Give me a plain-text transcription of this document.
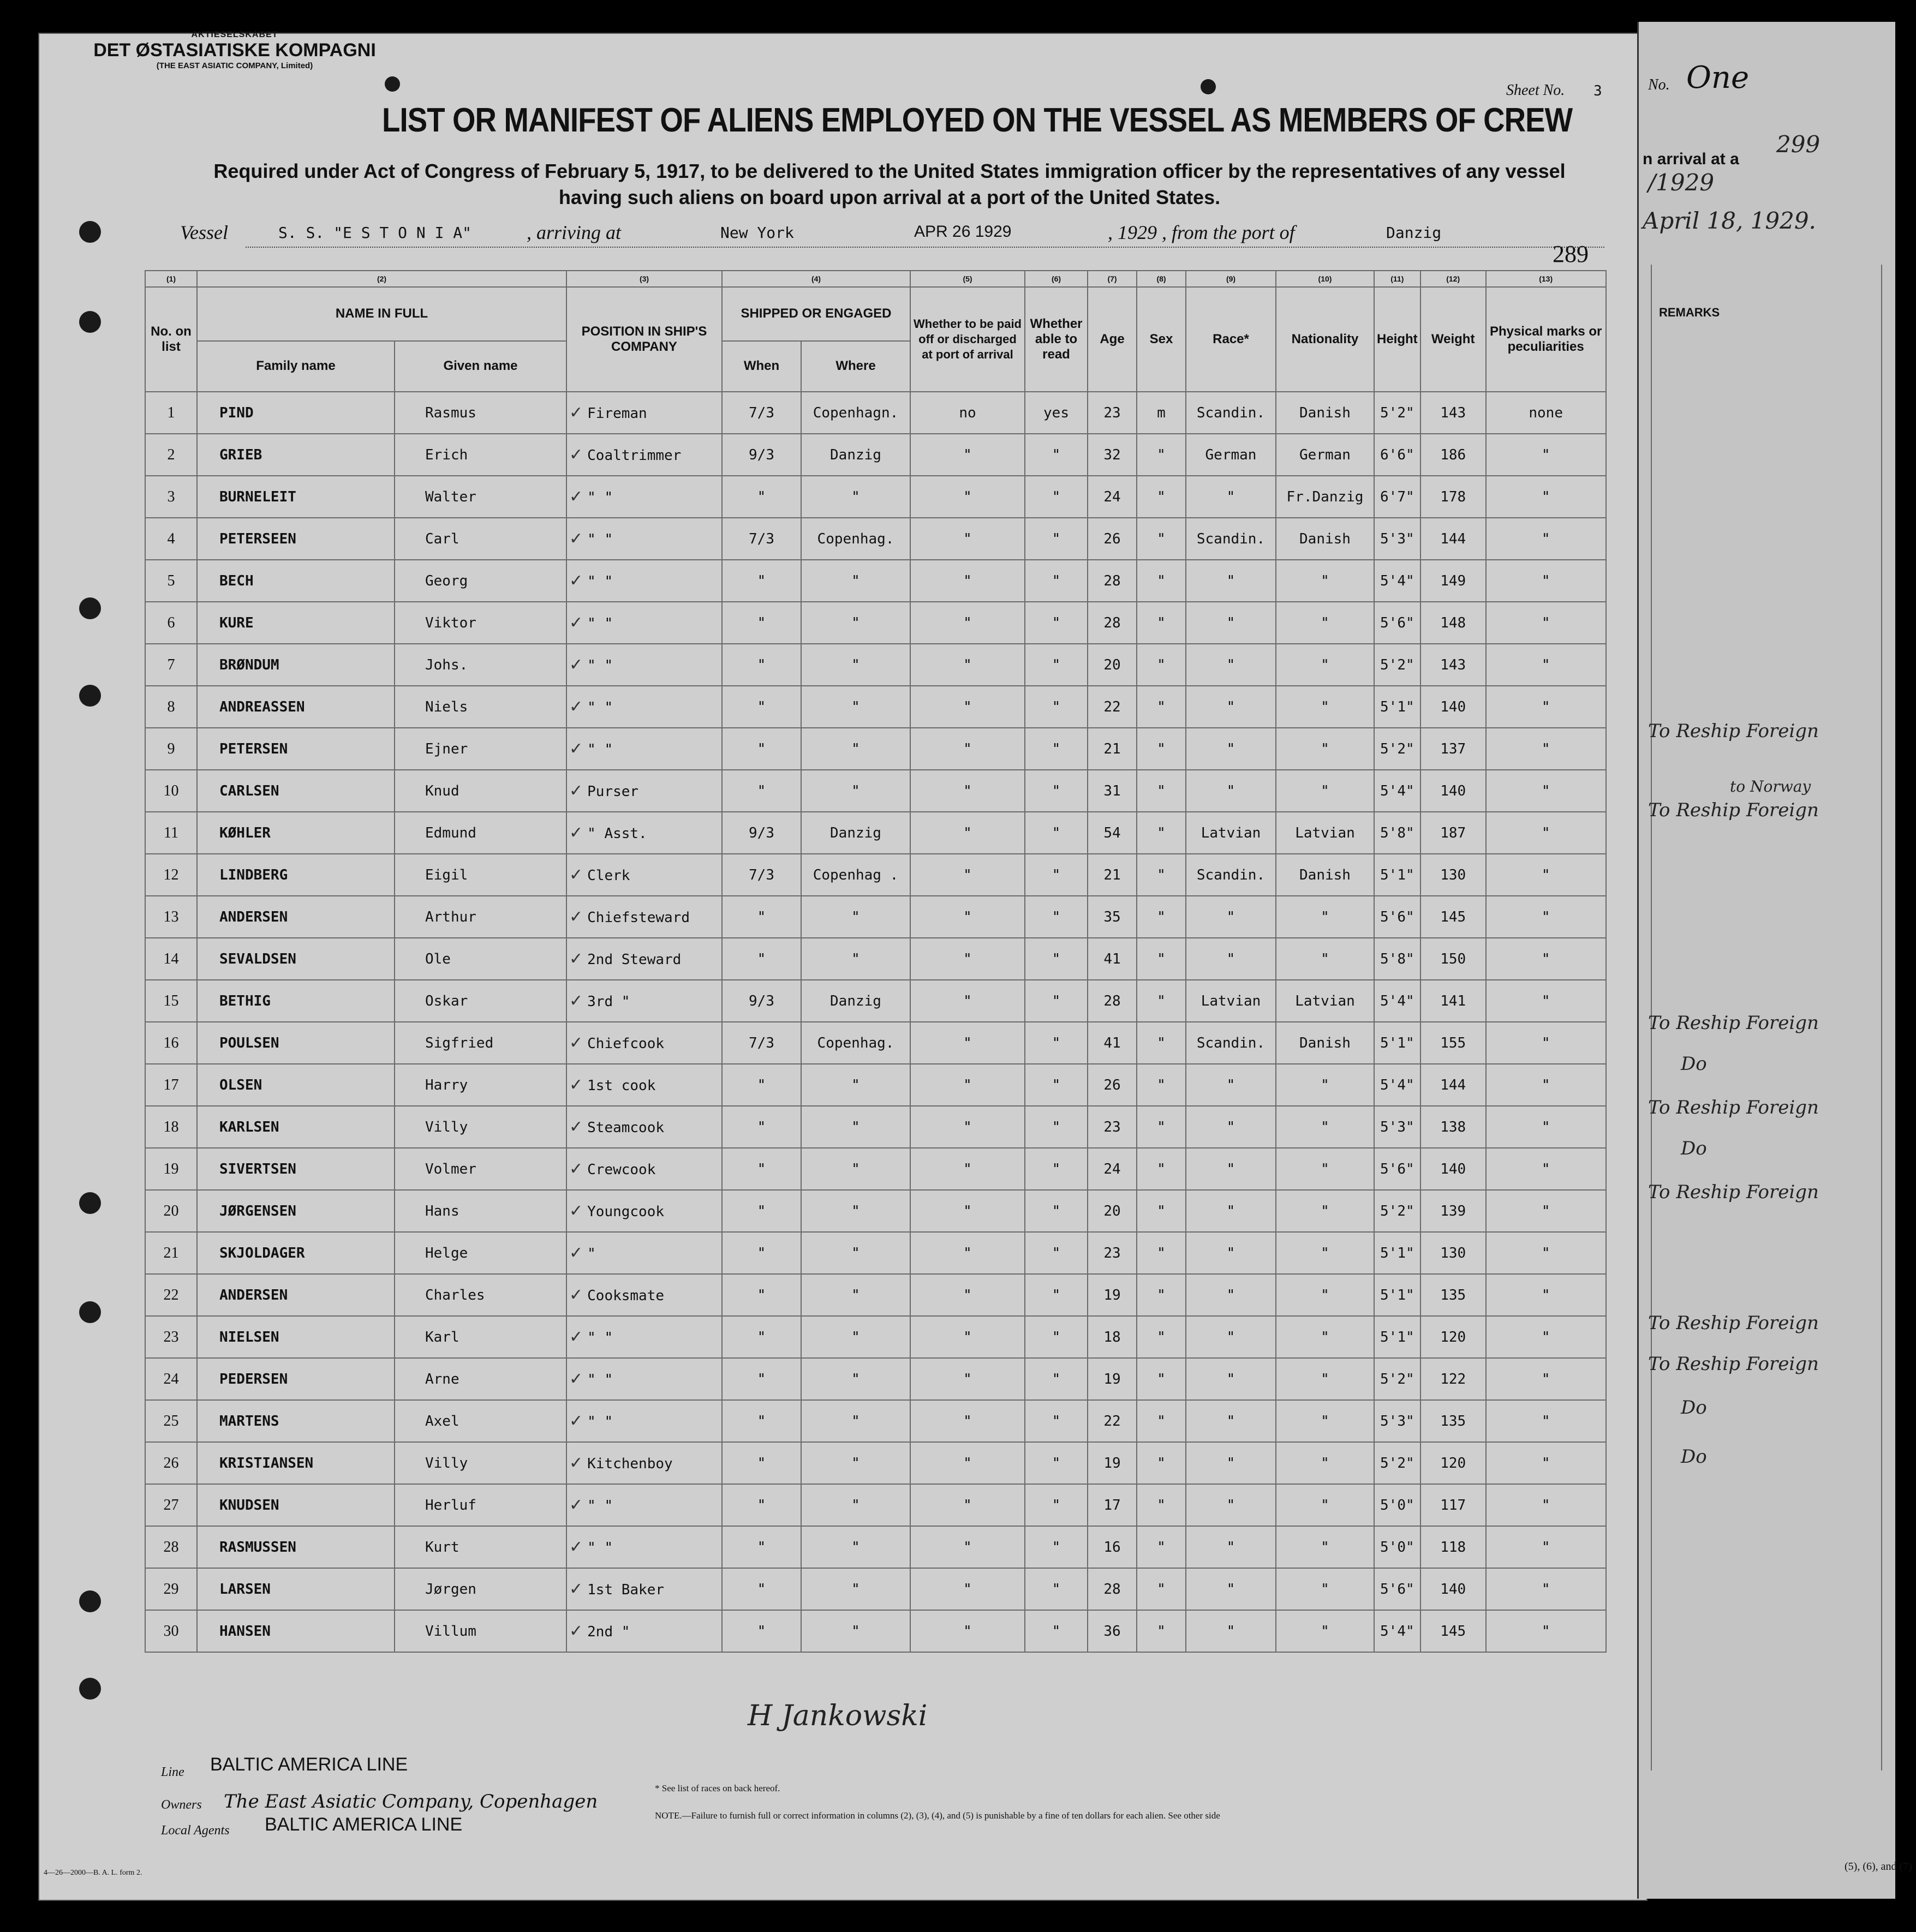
AKTIESELSKABET
DET ØSTASIATISKE KOMPAGNI
(THE EAST ASIATIC COMPANY, Limited)
Sheet No. 3	No. One
LIST OR MANIFEST OF ALIENS EMPLOYED ON THE VESSEL AS MEMBERS OF CREW
Required under Act of Congress of February 5, 1917, to be delivered to the United States immigration officer by the representatives of any vessel having such aliens on board upon arrival at a port of the United States.
Vessel	S. S. "E S T O N I A"	, arriving at	New York	APR 26 1929	, 1929 , from the port of	Danzig
289
n arrival at a
299
/1929
April 18, 1929.
REMARKS
(1)	(2)		(3)	(4)		(5)	(6)	(7)	(8)	(9)	(10)	(11)	(12)	(13)
No. on list	NAME IN FULL		POSITION IN SHIP'S COMPANY	SHIPPED OR ENGAGED		Whether to be paid off or discharged at port of arrival	Whether able to read	Age	Sex	Race*	Nationality	Height	Weight	Physical marks or peculiarities
	Family name	Given name		When	Where									
1	PIND	Rasmus	✓ Fireman	7/3	Copenhagn.	no	yes	23	m	Scandin.	Danish	5'2"	143	none
2	GRIEB	Erich	✓ Coaltrimmer	9/3	Danzig	"	"	32	"	German	German	6'6"	186	"
3	BURNELEIT	Walter	✓ " "	"	"	"	"	24	"	"	Fr.Danzig	6'7"	178	"
4	PETERSEEN	Carl	✓ " "	7/3	Copenhag.	"	"	26	"	Scandin.	Danish	5'3"	144	"
5	BECH	Georg	✓ " "	"	"	"	"	28	"	"	"	5'4"	149	"
6	KURE	Viktor	✓ " "	"	"	"	"	28	"	"	"	5'6"	148	"
7	BRØNDUM	Johs.	✓ " "	"	"	"	"	20	"	"	"	5'2"	143	"
8	ANDREASSEN	Niels	✓ " "	"	"	"	"	22	"	"	"	5'1"	140	"
9	PETERSEN	Ejner	✓ " "	"	"	"	"	21	"	"	"	5'2"	137	"
10	CARLSEN	Knud	✓ Purser	"	"	"	"	31	"	"	"	5'4"	140	"
11	KØHLER	Edmund	✓ " Asst.	9/3	Danzig	"	"	54	"	Latvian	Latvian	5'8"	187	"
12	LINDBERG	Eigil	✓ Clerk	7/3	Copenhag .	"	"	21	"	Scandin.	Danish	5'1"	130	"
13	ANDERSEN	Arthur	✓ Chiefsteward	"	"	"	"	35	"	"	"	5'6"	145	"
14	SEVALDSEN	Ole	✓ 2nd Steward	"	"	"	"	41	"	"	"	5'8"	150	"
15	BETHIG	Oskar	✓ 3rd "	9/3	Danzig	"	"	28	"	Latvian	Latvian	5'4"	141	"
16	POULSEN	Sigfried	✓ Chiefcook	7/3	Copenhag.	"	"	41	"	Scandin.	Danish	5'1"	155	"
17	OLSEN	Harry	✓ 1st cook	"	"	"	"	26	"	"	"	5'4"	144	"
18	KARLSEN	Villy	✓ Steamcook	"	"	"	"	23	"	"	"	5'3"	138	"
19	SIVERTSEN	Volmer	✓ Crewcook	"	"	"	"	24	"	"	"	5'6"	140	"
20	JØRGENSEN	Hans	✓ Youngcook	"	"	"	"	20	"	"	"	5'2"	139	"
21	SKJOLDAGER	Helge	✓ "	"	"	"	"	23	"	"	"	5'1"	130	"
22	ANDERSEN	Charles	✓ Cooksmate	"	"	"	"	19	"	"	"	5'1"	135	"
23	NIELSEN	Karl	✓ " "	"	"	"	"	18	"	"	"	5'1"	120	"
24	PEDERSEN	Arne	✓ " "	"	"	"	"	19	"	"	"	5'2"	122	"
25	MARTENS	Axel	✓ " "	"	"	"	"	22	"	"	"	5'3"	135	"
26	KRISTIANSEN	Villy	✓ Kitchenboy	"	"	"	"	19	"	"	"	5'2"	120	"
27	KNUDSEN	Herluf	✓ " "	"	"	"	"	17	"	"	"	5'0"	117	"
28	RASMUSSEN	Kurt	✓ " "	"	"	"	"	16	"	"	"	5'0"	118	"
29	LARSEN	Jørgen	✓ 1st Baker	"	"	"	"	28	"	"	"	5'6"	140	"
30	HANSEN	Villum	✓ 2nd "	"	"	"	"	36	"	"	"	5'4"	145	"
To Reship Foreign
to Norway
To Reship Foreign
To Reship Foreign
Do
To Reship Foreign
Do
To Reship Foreign
To Reship Foreign
To Reship Foreign
Do
Do
H Jankowski
Line BALTIC AMERICA LINE
Owners The East Asiatic Company, Copenhagen
Local Agents BALTIC AMERICA LINE
* See list of races on back hereof.
NOTE.—Failure to furnish full or correct information in columns (2), (3), (4), and (5) is punishable by a fine of ten dollars for each alien. See other side
4—26—2000—B. A. L. form 2.
(5), (6), and (7)
